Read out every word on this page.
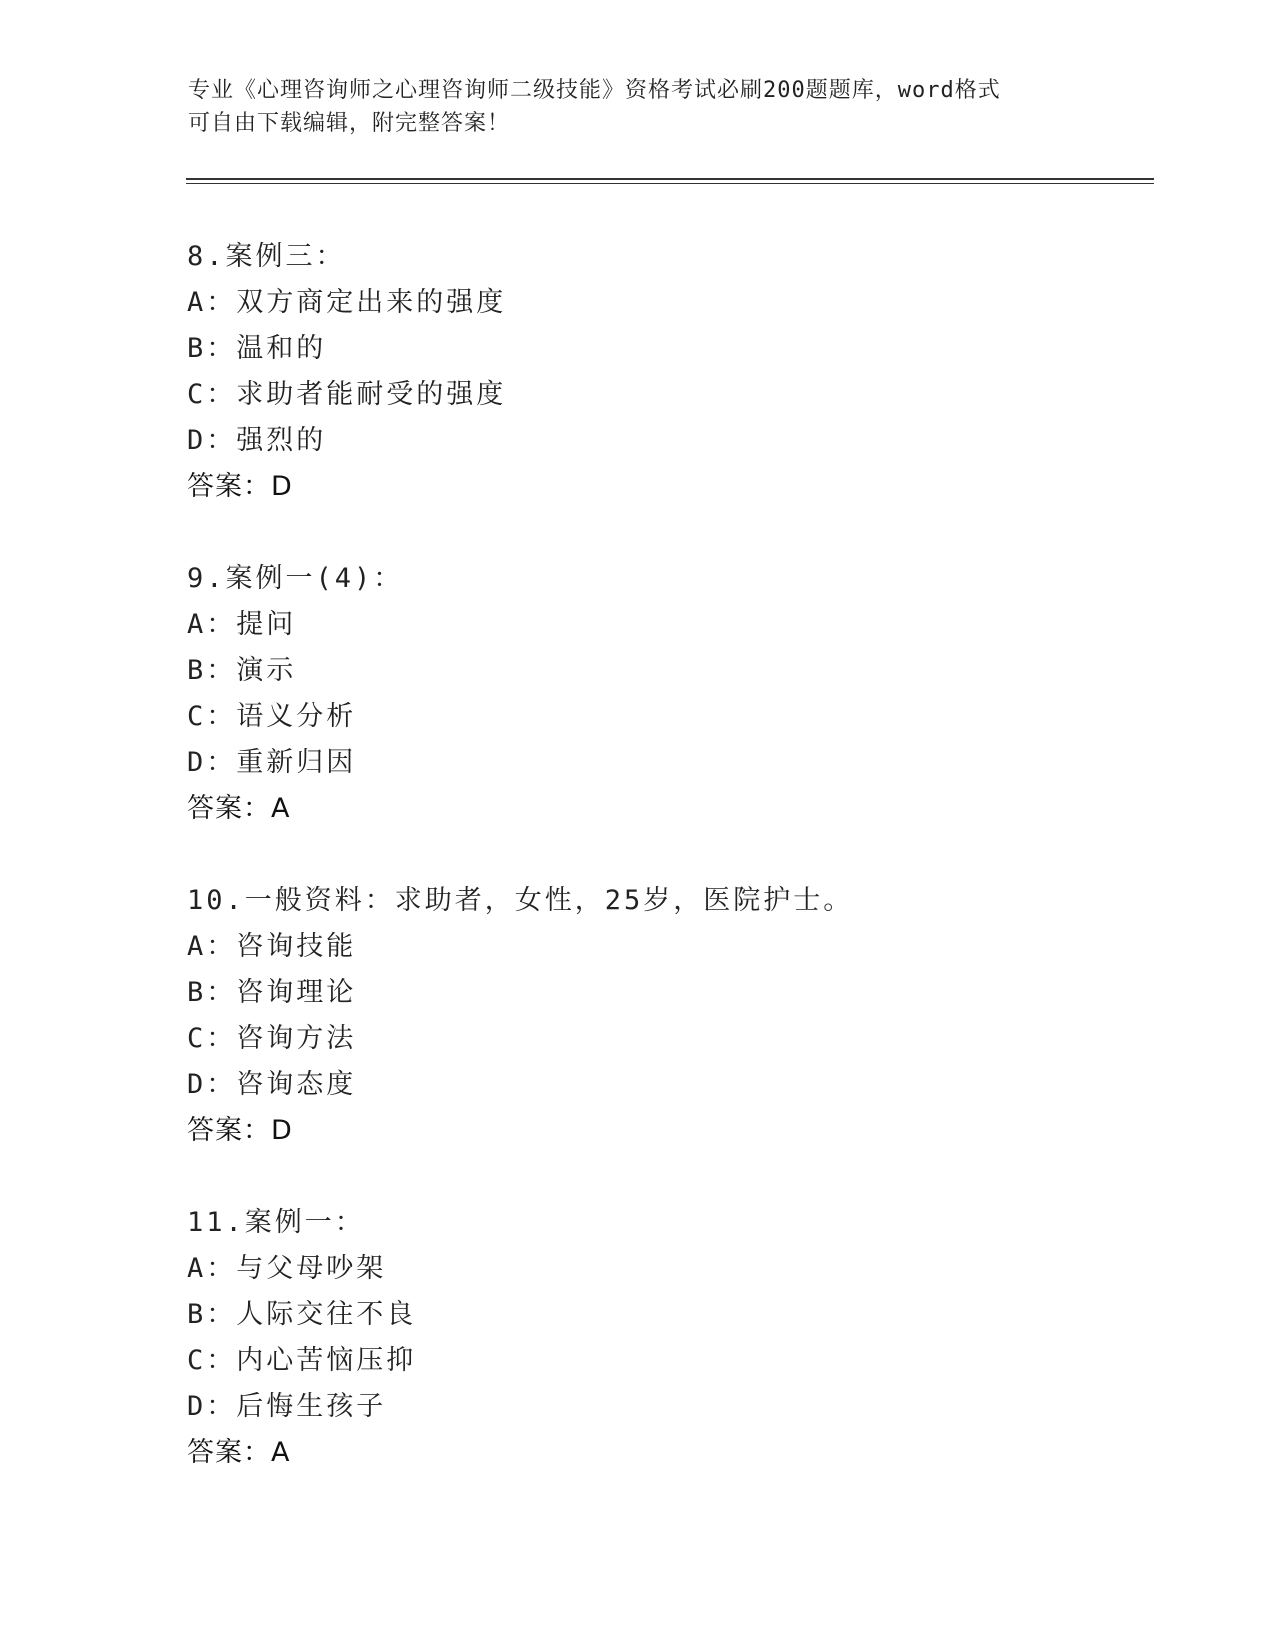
专业《心理咨询师之心理咨询师二级技能》资格考试必刷200题题库，word格式
可自由下载编辑，附完整答案！
8.案例三：
A：双方商定出来的强度
B：温和的
C：求助者能耐受的强度
D：强烈的
答案：D
9.案例一(4)：
A：提问
B：演示
C：语义分析
D：重新归因
答案：A
10.一般资料：求助者，女性，25岁，医院护士。
A：咨询技能
B：咨询理论
C：咨询方法
D：咨询态度
答案：D
11.案例一：
A：与父母吵架
B：人际交往不良
C：内心苦恼压抑
D：后悔生孩子
答案：A
